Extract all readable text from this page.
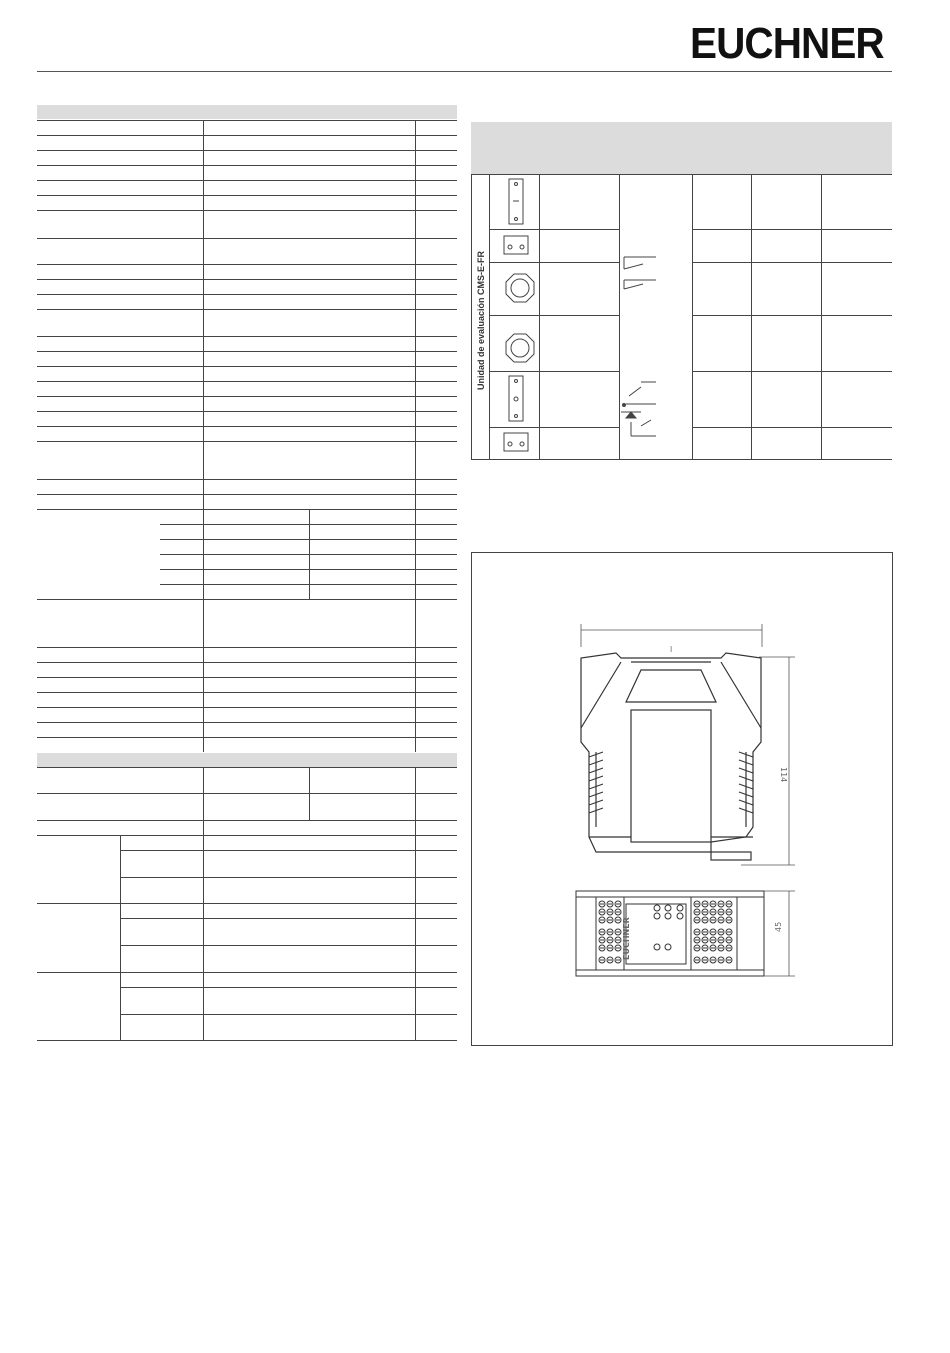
EUCHNER
Unidad de evaluación CMS-E-FR
l
114
EUCHNER	45
